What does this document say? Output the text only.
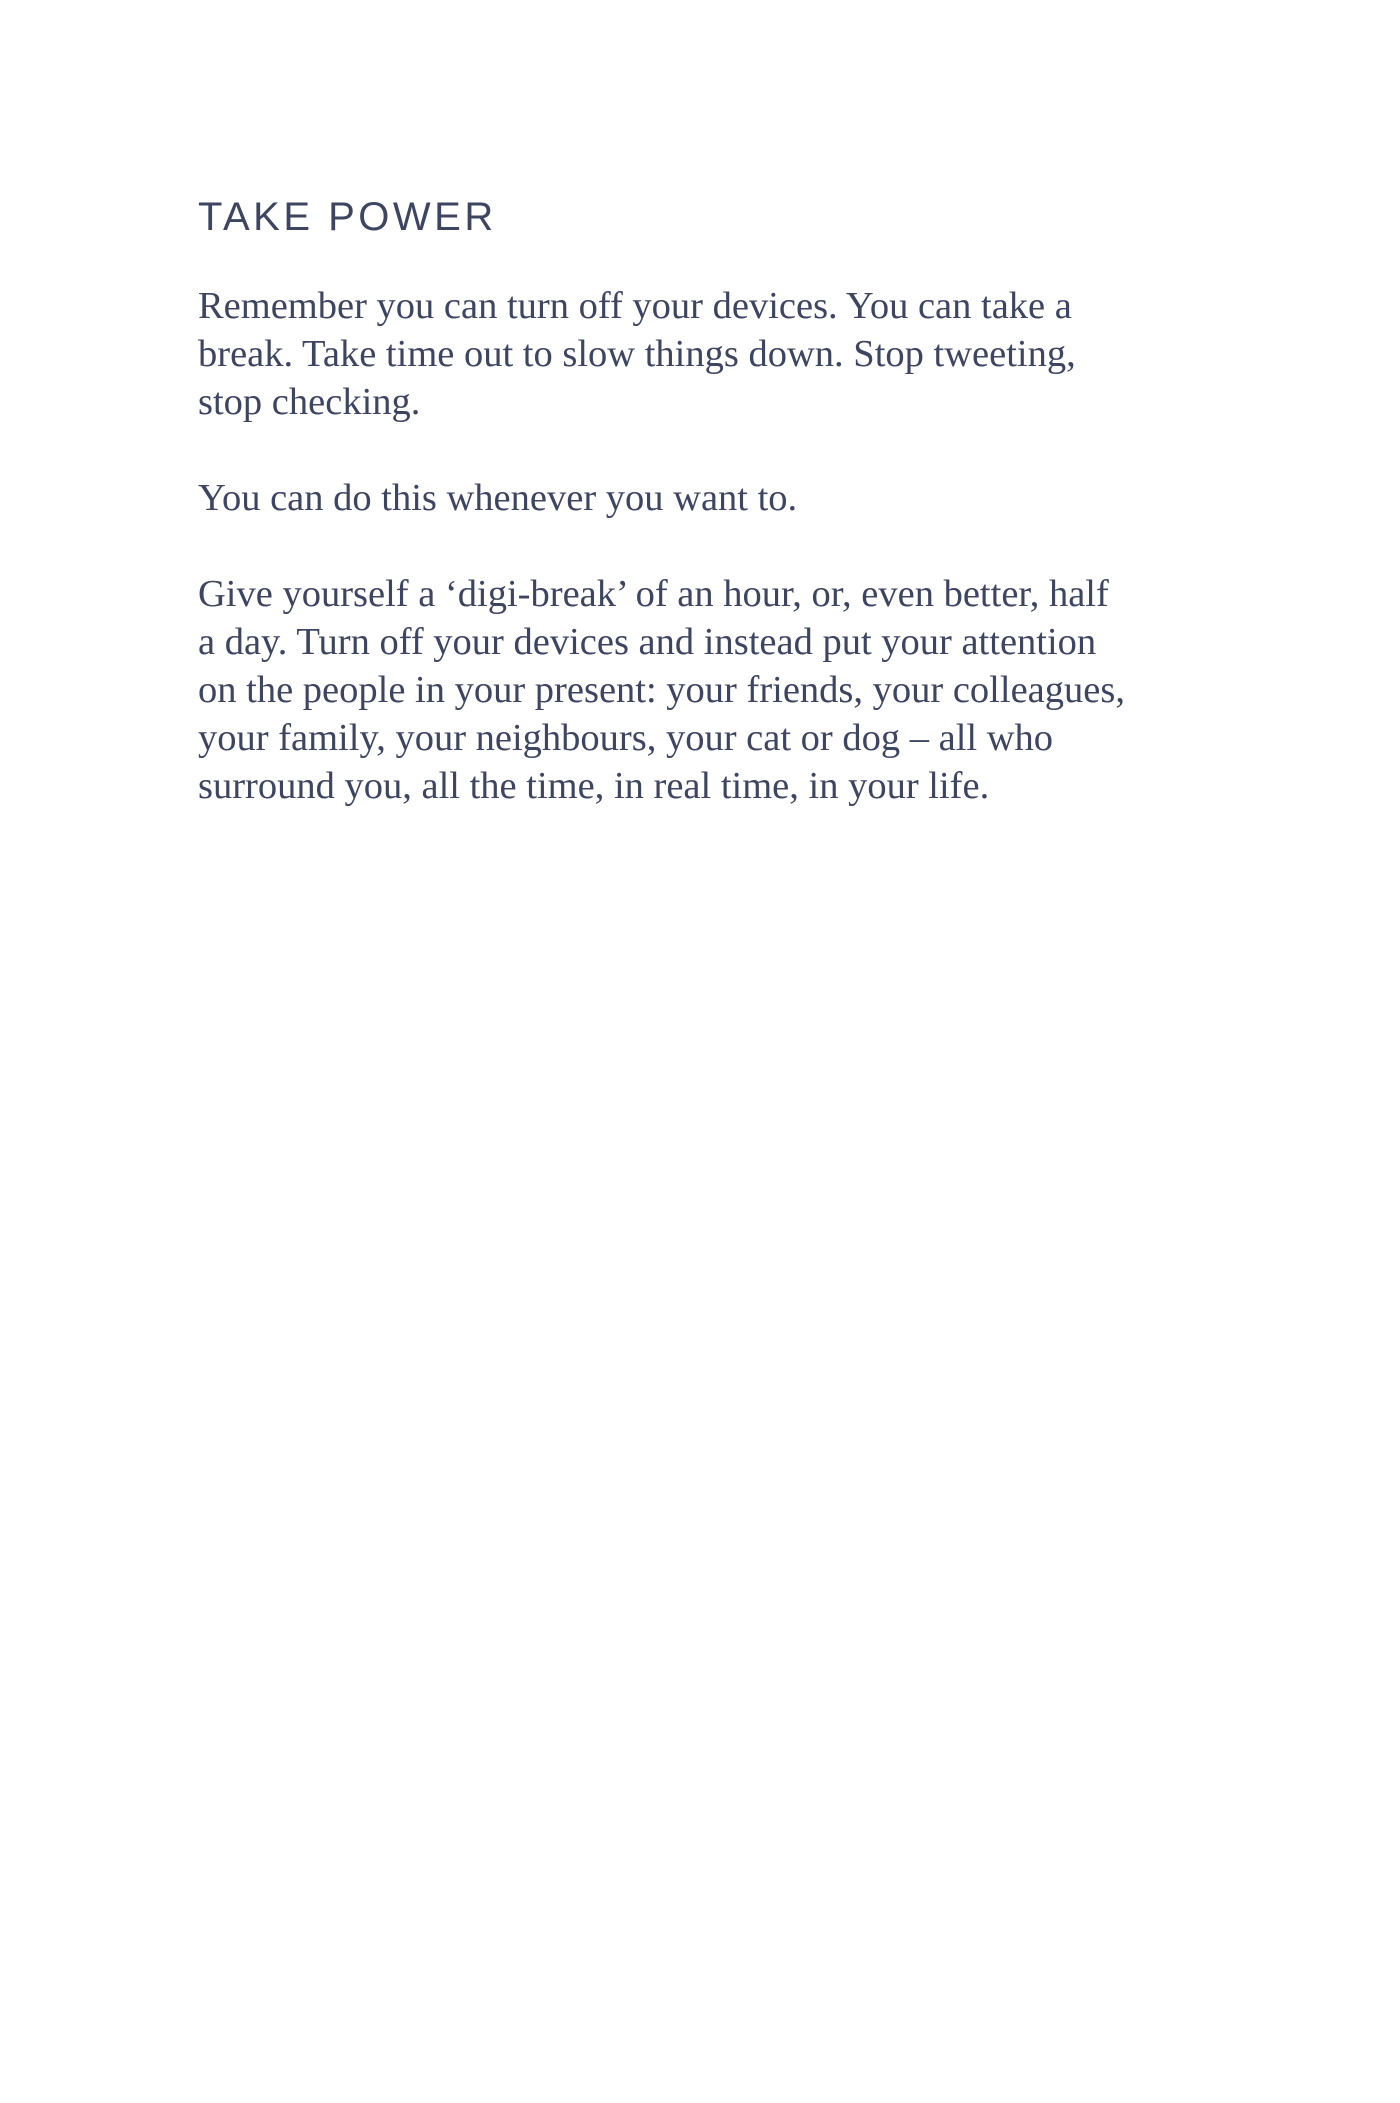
TAKE POWER

Remember you can turn off your devices. You can take a
break. Take time out to slow things down. Stop tweeting,
stop checking.

You can do this whenever you want to.

Give yourself a ‘digi-break’ of an hour, or, even better, half
a day. Turn off your devices and instead put your attention
on the people in your present: your friends, your colleagues,
your family, your neighbours, your cat or dog – all who
surround you, all the time, in real time, in your life.
